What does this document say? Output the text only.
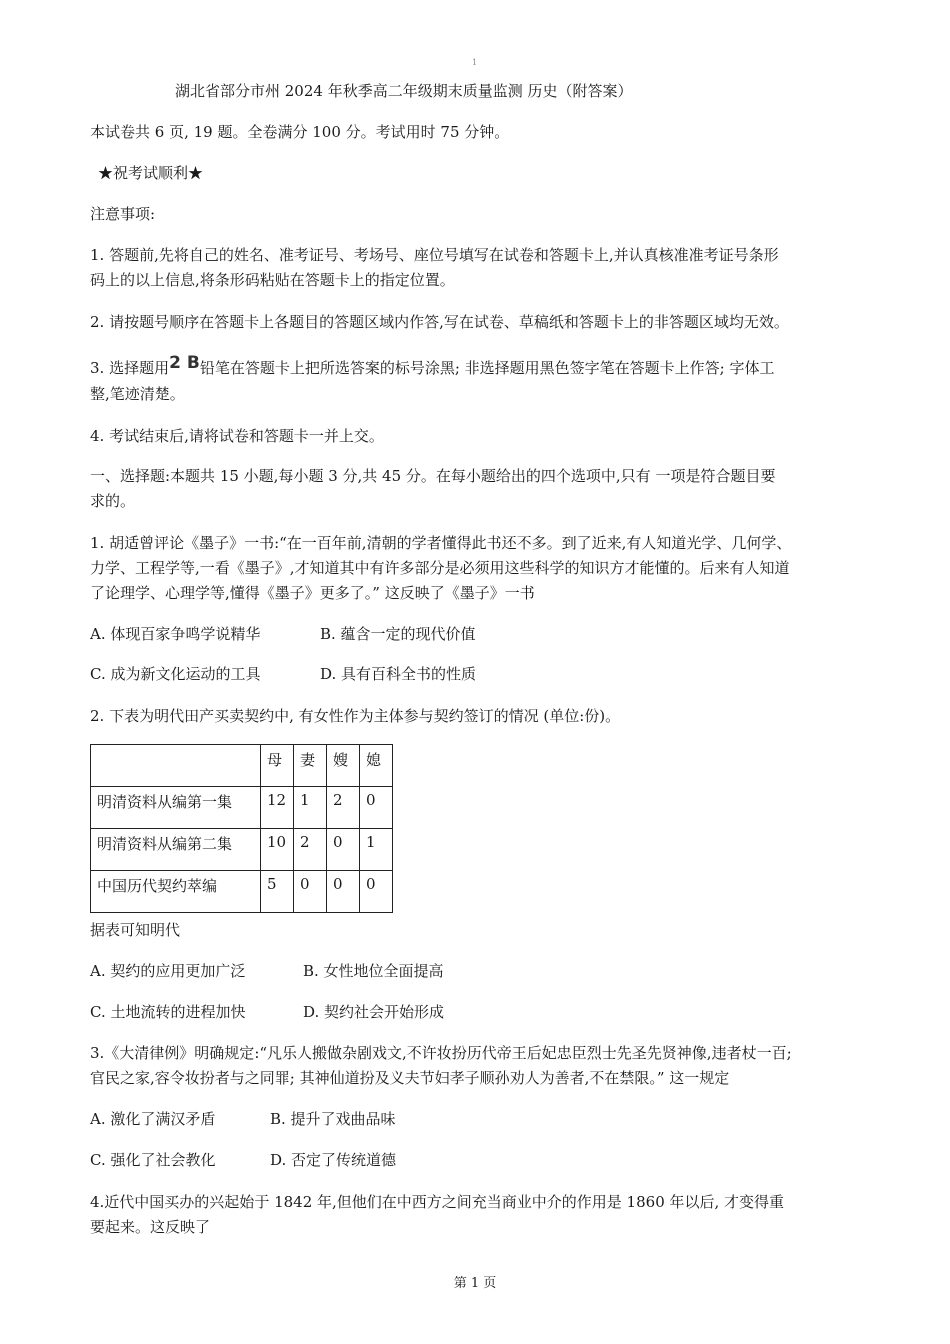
1
湖北省部分市州 2024 年秋季高二年级期末质量监测 历史（附答案）
本试卷共 6 页, 19 题。全卷满分 100 分。考试用时 75 分钟。
★祝考试顺利★
注意事项:
1. 答题前,先将自己的姓名、准考证号、考场号、座位号填写在试卷和答题卡上,并认真核准准考证号条形
码上的以上信息,将条形码粘贴在答题卡上的指定位置。
2. 请按题号顺序在答题卡上各题目的答题区域内作答,写在试卷、草稿纸和答题卡上的非答题区域均无效。
3. 选择题用2 B铅笔在答题卡上把所选答案的标号涂黑; 非选择题用黑色签字笔在答题卡上作答; 字体工
整,笔迹清楚。
4. 考试结束后,请将试卷和答题卡一并上交。
一、选择题:本题共 15 小题,每小题 3 分,共 45 分。在每小题给出的四个选项中,只有 一项是符合题目要
求的。
1. 胡适曾评论《墨子》一书:“在一百年前,清朝的学者懂得此书还不多。到了近来,有人知道光学、几何学、
力学、工程学等,一看《墨子》,才知道其中有许多部分是必须用这些科学的知识方才能懂的。后来有人知道
了论理学、心理学等,懂得《墨子》更多了。” 这反映了《墨子》一书
A. 体现百家争鸣学说精华	B. 蕴含一定的现代价值
C. 成为新文化运动的工具	D. 具有百科全书的性质
2. 下表为明代田产买卖契约中, 有女性作为主体参与契约签订的情况 (单位:份)。
	母	妻	嫂	媳
明清资料从编第一集	12	1	2	0
明清资料从编第二集	10	2	0	1
中国历代契约萃编	5	0	0	0
据表可知明代
A. 契约的应用更加广泛	B. 女性地位全面提高
C. 土地流转的进程加快	D. 契约社会开始形成
3.《大清律例》明确规定:“凡乐人搬做杂剧戏文,不许妆扮历代帝王后妃忠臣烈士先圣先贤神像,违者杖一百;
官民之家,容令妆扮者与之同罪; 其神仙道扮及义夫节妇孝子顺孙劝人为善者,不在禁限。” 这一规定
A. 激化了满汉矛盾	B. 提升了戏曲品味
C. 强化了社会教化	D. 否定了传统道德
4.近代中国买办的兴起始于 1842 年,但他们在中西方之间充当商业中介的作用是 1860 年以后, 才变得重
要起来。这反映了
第 1 页
